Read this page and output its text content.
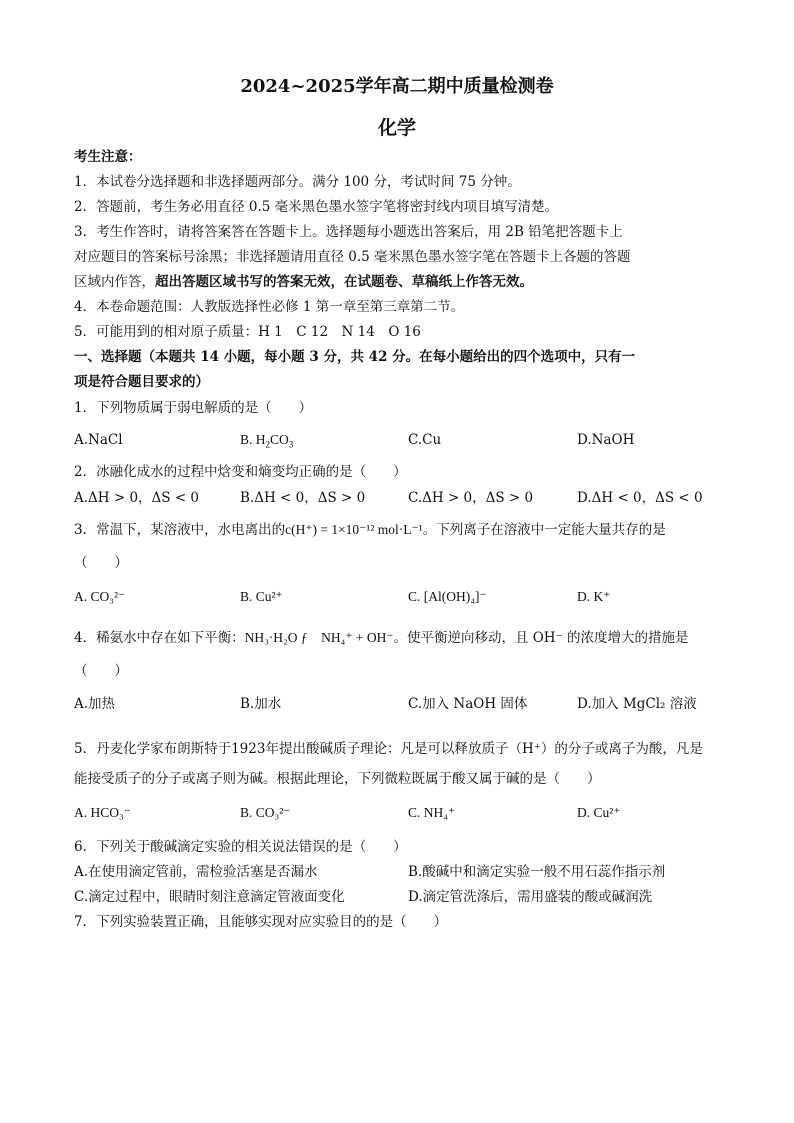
2024~2025学年高二期中质量检测卷
化学
考生注意：
1．本试卷分选择题和非选择题两部分。满分 100 分，考试时间 75 分钟。
2．答题前，考生务必用直径 0.5 毫米黑色墨水签字笔将密封线内项目填写清楚。
3．考生作答时，请将答案答在答题卡上。选择题每小题选出答案后，用 2B 铅笔把答题卡上
对应题目的答案标号涂黑；非选择题请用直径 0.5 毫米黑色墨水签字笔在答题卡上各题的答题
区域内作答，超出答题区域书写的答案无效，在试题卷、草稿纸上作答无效。
4．本卷命题范围：人教版选择性必修 1 第一章至第三章第二节。
5．可能用到的相对原子质量：H 1　C 12　N 14　O 16
一、选择题（本题共 14 小题，每小题 3 分，共 42 分。在每小题给出的四个选项中，只有一
项是符合题目要求的）
1．下列物质属于弱电解质的是（　　）
A.NaCl	B. $H_2CO_3$	C.Cu	D.NaOH
2．冰融化成水的过程中焓变和熵变均正确的是（　　）
A.ΔH > 0，ΔS < 0	B.ΔH < 0，ΔS > 0	C.ΔH > 0，ΔS > 0	D.ΔH < 0，ΔS < 0
3．常温下，某溶液中，水电离出的c(H⁺) = 1×10⁻¹² mol·L⁻¹。下列离子在溶液中一定能大量共存的是
（　　）
A. CO₃²⁻	B. Cu²⁺	C. [Al(OH)₄]⁻	D. K⁺
4．稀氨水中存在如下平衡：NH₃·H₂O ƒ　NH₄⁺ + OH⁻。使平衡逆向移动，且 OH⁻ 的浓度增大的措施是
（　　）
A.加热	B.加水	C.加入 NaOH 固体	D.加入 MgCl₂ 溶液
5．丹麦化学家布朗斯特于1923年提出酸碱质子理论：凡是可以释放质子（H⁺）的分子或离子为酸，凡是
能接受质子的分子或离子则为碱。根据此理论，下列微粒既属于酸又属于碱的是（　　）
A. HCO₃⁻	B. CO₃²⁻	C. NH₄⁺	D. Cu²⁺
6．下列关于酸碱滴定实验的相关说法错误的是（　　）
A.在使用滴定管前，需检验活塞是否漏水	B.酸碱中和滴定实验一般不用石蕊作指示剂
C.滴定过程中，眼睛时刻注意滴定管液面变化	D.滴定管洗涤后，需用盛装的酸或碱润洗
7．下列实验装置正确，且能够实现对应实验目的的是（　　）
